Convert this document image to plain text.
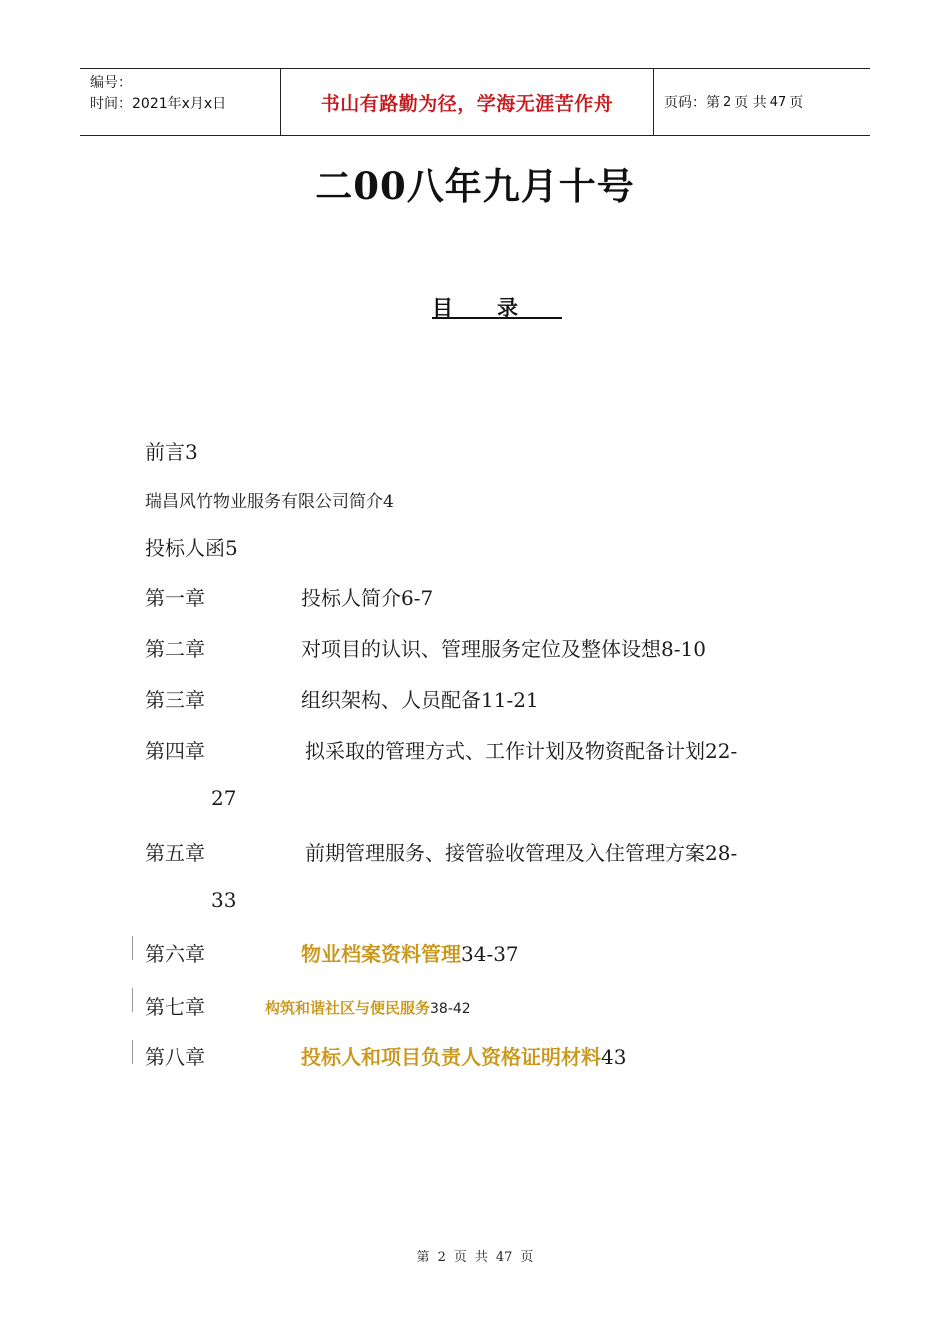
编号：
时间：2021年x月x日	书山有路勤为径，学海无涯苦作舟	页码：第 2 页 共 47 页
二00八年九月十号
目录
前言3
瑞昌风竹物业服务有限公司简介4
投标人函5
第一章	投标人简介6-7
第二章	对项目的认识、管理服务定位及整体设想8-10
第三章	组织架构、人员配备11-21
第四章	拟采取的管理方式、工作计划及物资配备计划22-
27
第五章	前期管理服务、接管验收管理及入住管理方案28-
33
第六章	物业档案资料管理34-37
第七章	构筑和谐社区与便民服务38-42
第八章	投标人和项目负责人资格证明材料43
第 2 页 共 47 页
